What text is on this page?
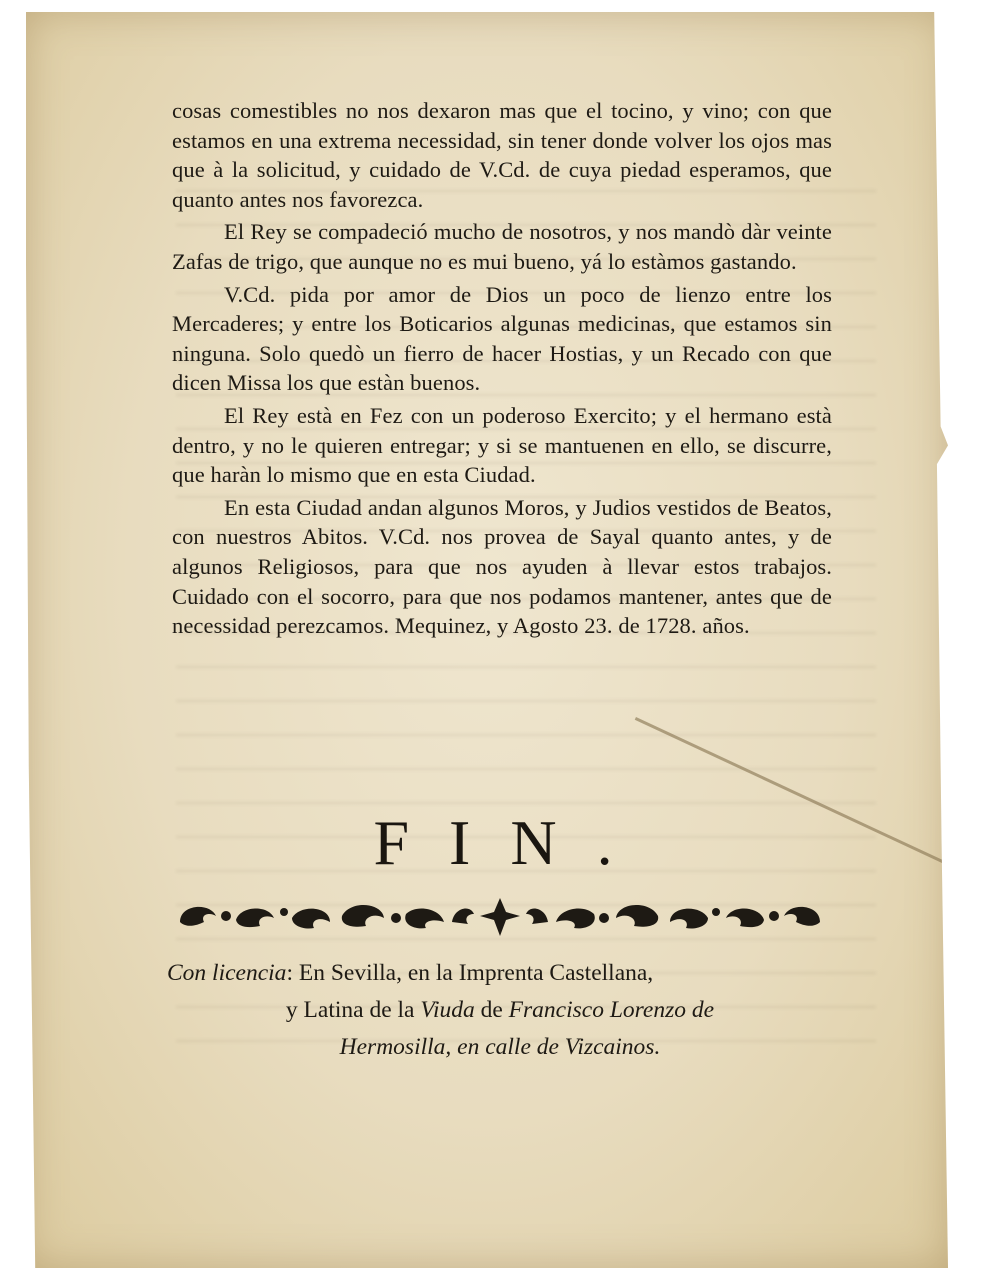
cosas comestibles no nos dexaron mas que el tocino, y vino; con que estamos en una extrema necessidad, sin tener donde volver los ojos mas que à la solicitud, y cuidado de V.Cd. de cuya piedad esperamos, que quanto antes nos favorezca.

El Rey se compadeció mucho de nosotros, y nos mandò dàr veinte Zafas de trigo, que aunque no es mui bueno, yá lo estàmos gastando.

V.Cd. pida por amor de Dios un poco de lienzo entre los Mercaderes; y entre los Boticarios algunas medicinas, que estamos sin ninguna. Solo quedò un fierro de hacer Hostias, y un Recado con que dicen Missa los que estàn buenos.

El Rey està en Fez con un poderoso Exercito; y el hermano està dentro, y no le quieren entregar; y si se mantuenen en ello, se discurre, que haràn lo mismo que en esta Ciudad.

En esta Ciudad andan algunos Moros, y Judios vestidos de Beatos, con nuestros Abitos. V.Cd. nos provea de Sayal quanto antes, y de algunos Religiosos, para que nos ayuden à llevar estos trabajos. Cuidado con el socorro, para que nos podamos mantener, antes que de necessidad perezcamos. Mequinez, y Agosto 23. de 1728. años.

FIN.
Con licencia: En Sevilla, en la Imprenta Castellana,
y Latina de la Viuda de Francisco Lorenzo de
Hermosilla, en calle de Vizcainos.
